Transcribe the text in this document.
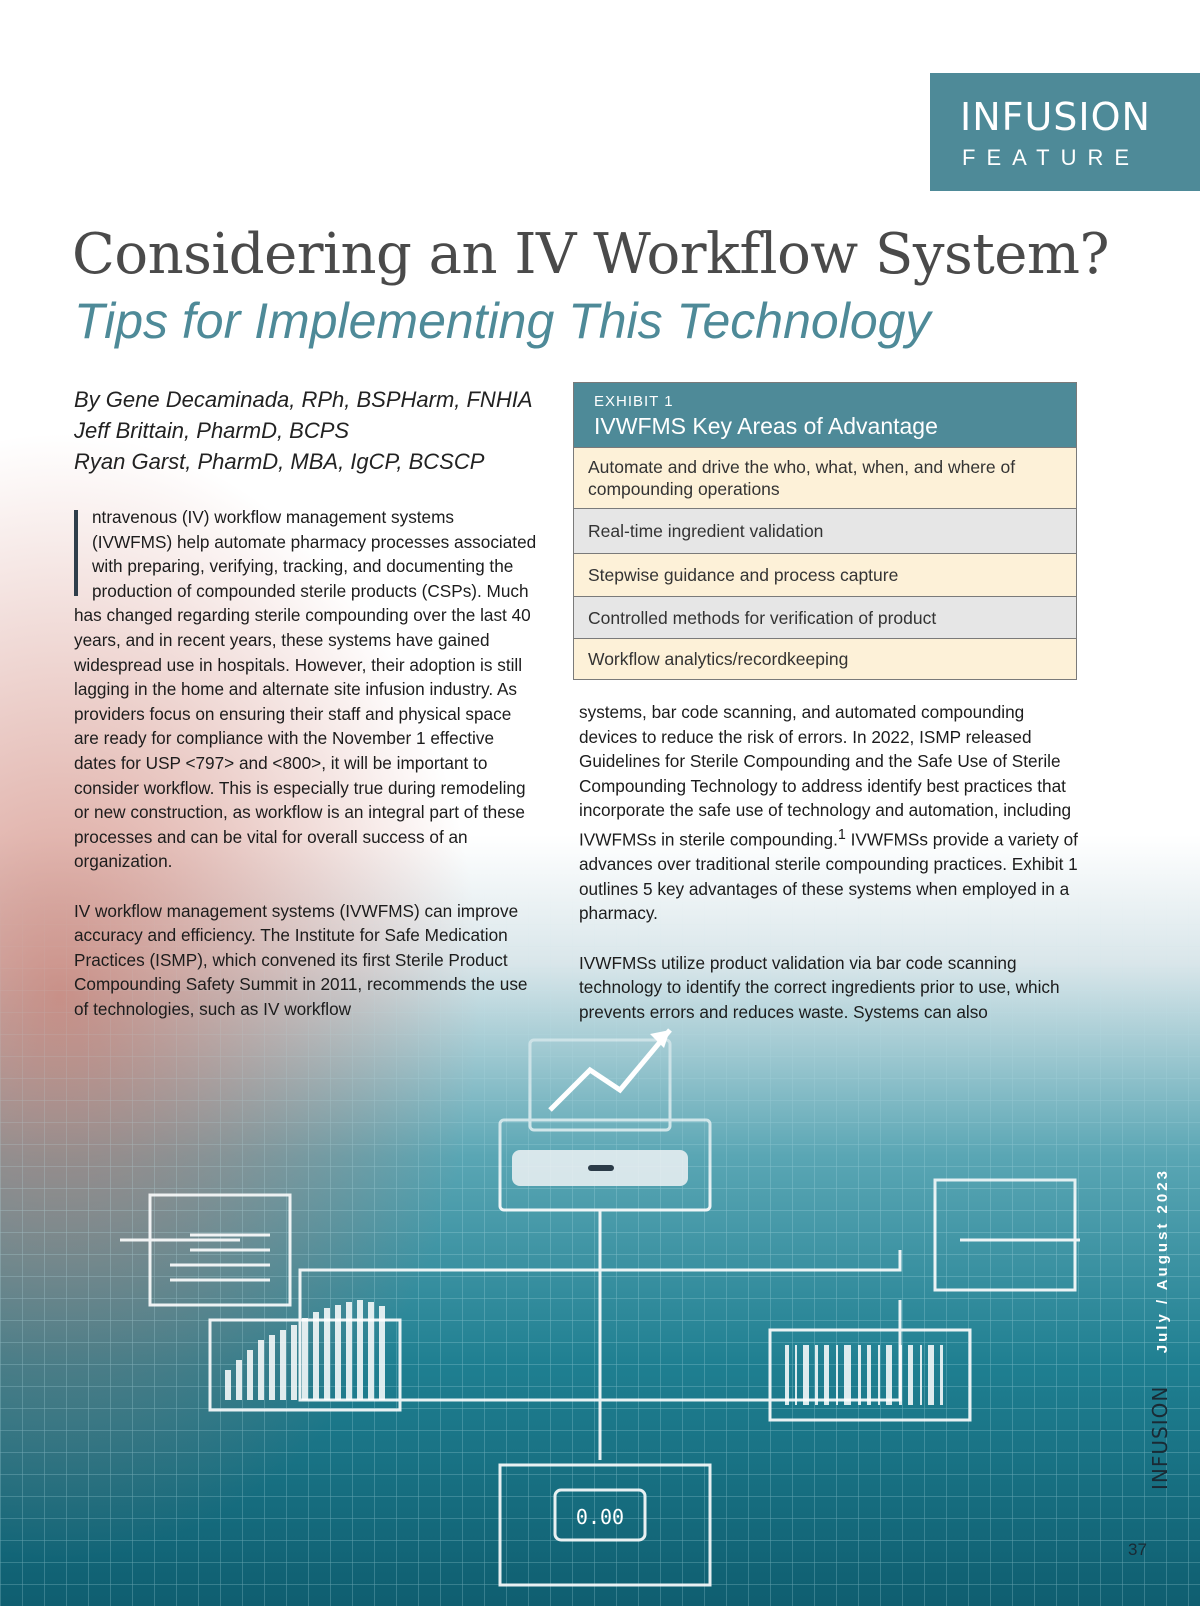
0.00
INFUSION
FEATURE
Considering an IV Workflow System?
Tips for Implementing This Technology
By Gene Decaminada, RPh, BSPHarm, FNHIA
Jeff Brittain, PharmD, BCPS
Ryan Garst, PharmD, MBA, IgCP, BCSCP
ntravenous (IV) workflow management systems
(IVWFMS) help automate pharmacy processes associated
with preparing, verifying, tracking, and documenting the
production of compounded sterile products (CSPs). Much

has changed regarding sterile compounding over the last 40 years, and in recent years, these systems have gained widespread use in hospitals. However, their adoption is still lagging in the home and alternate site infusion industry. As providers focus on ensuring their staff and physical space are ready for compliance with the November 1 effective dates for USP <797> and <800>, it will be important to consider workflow. This is especially true during remodeling or new construction, as workflow is an integral part of these processes and can be vital for overall success of an organization.

IV workflow management systems (IVWFMS) can improve accuracy and efficiency. The Institute for Safe Medication Practices (ISMP), which convened its first Sterile Product Compounding Safety Summit in 2011, recommends the use of technologies, such as IV workflow

EXHIBIT 1
IVWFMS Key Areas of Advantage
Automate and drive the who, what, when, and where of compounding operations
Real-time ingredient validation
Stepwise guidance and process capture
Controlled methods for verification of product
Workflow analytics/recordkeeping

systems, bar code scanning, and automated compounding devices to reduce the risk of errors. In 2022, ISMP released Guidelines for Sterile Compounding and the Safe Use of Sterile Compounding Technology to address identify best practices that incorporate the safe use of technology and automation, including IVWFMSs in sterile compounding.$^1$ IVWFMSs provide a variety of advances over traditional sterile compounding practices. Exhibit 1 outlines 5 key advantages of these systems when employed in a pharmacy.

IVWFMSs utilize product validation via bar code scanning technology to identify the correct ingredients prior to use, which prevents errors and reduces waste. Systems can also

INFUSION July / August 2023
37
